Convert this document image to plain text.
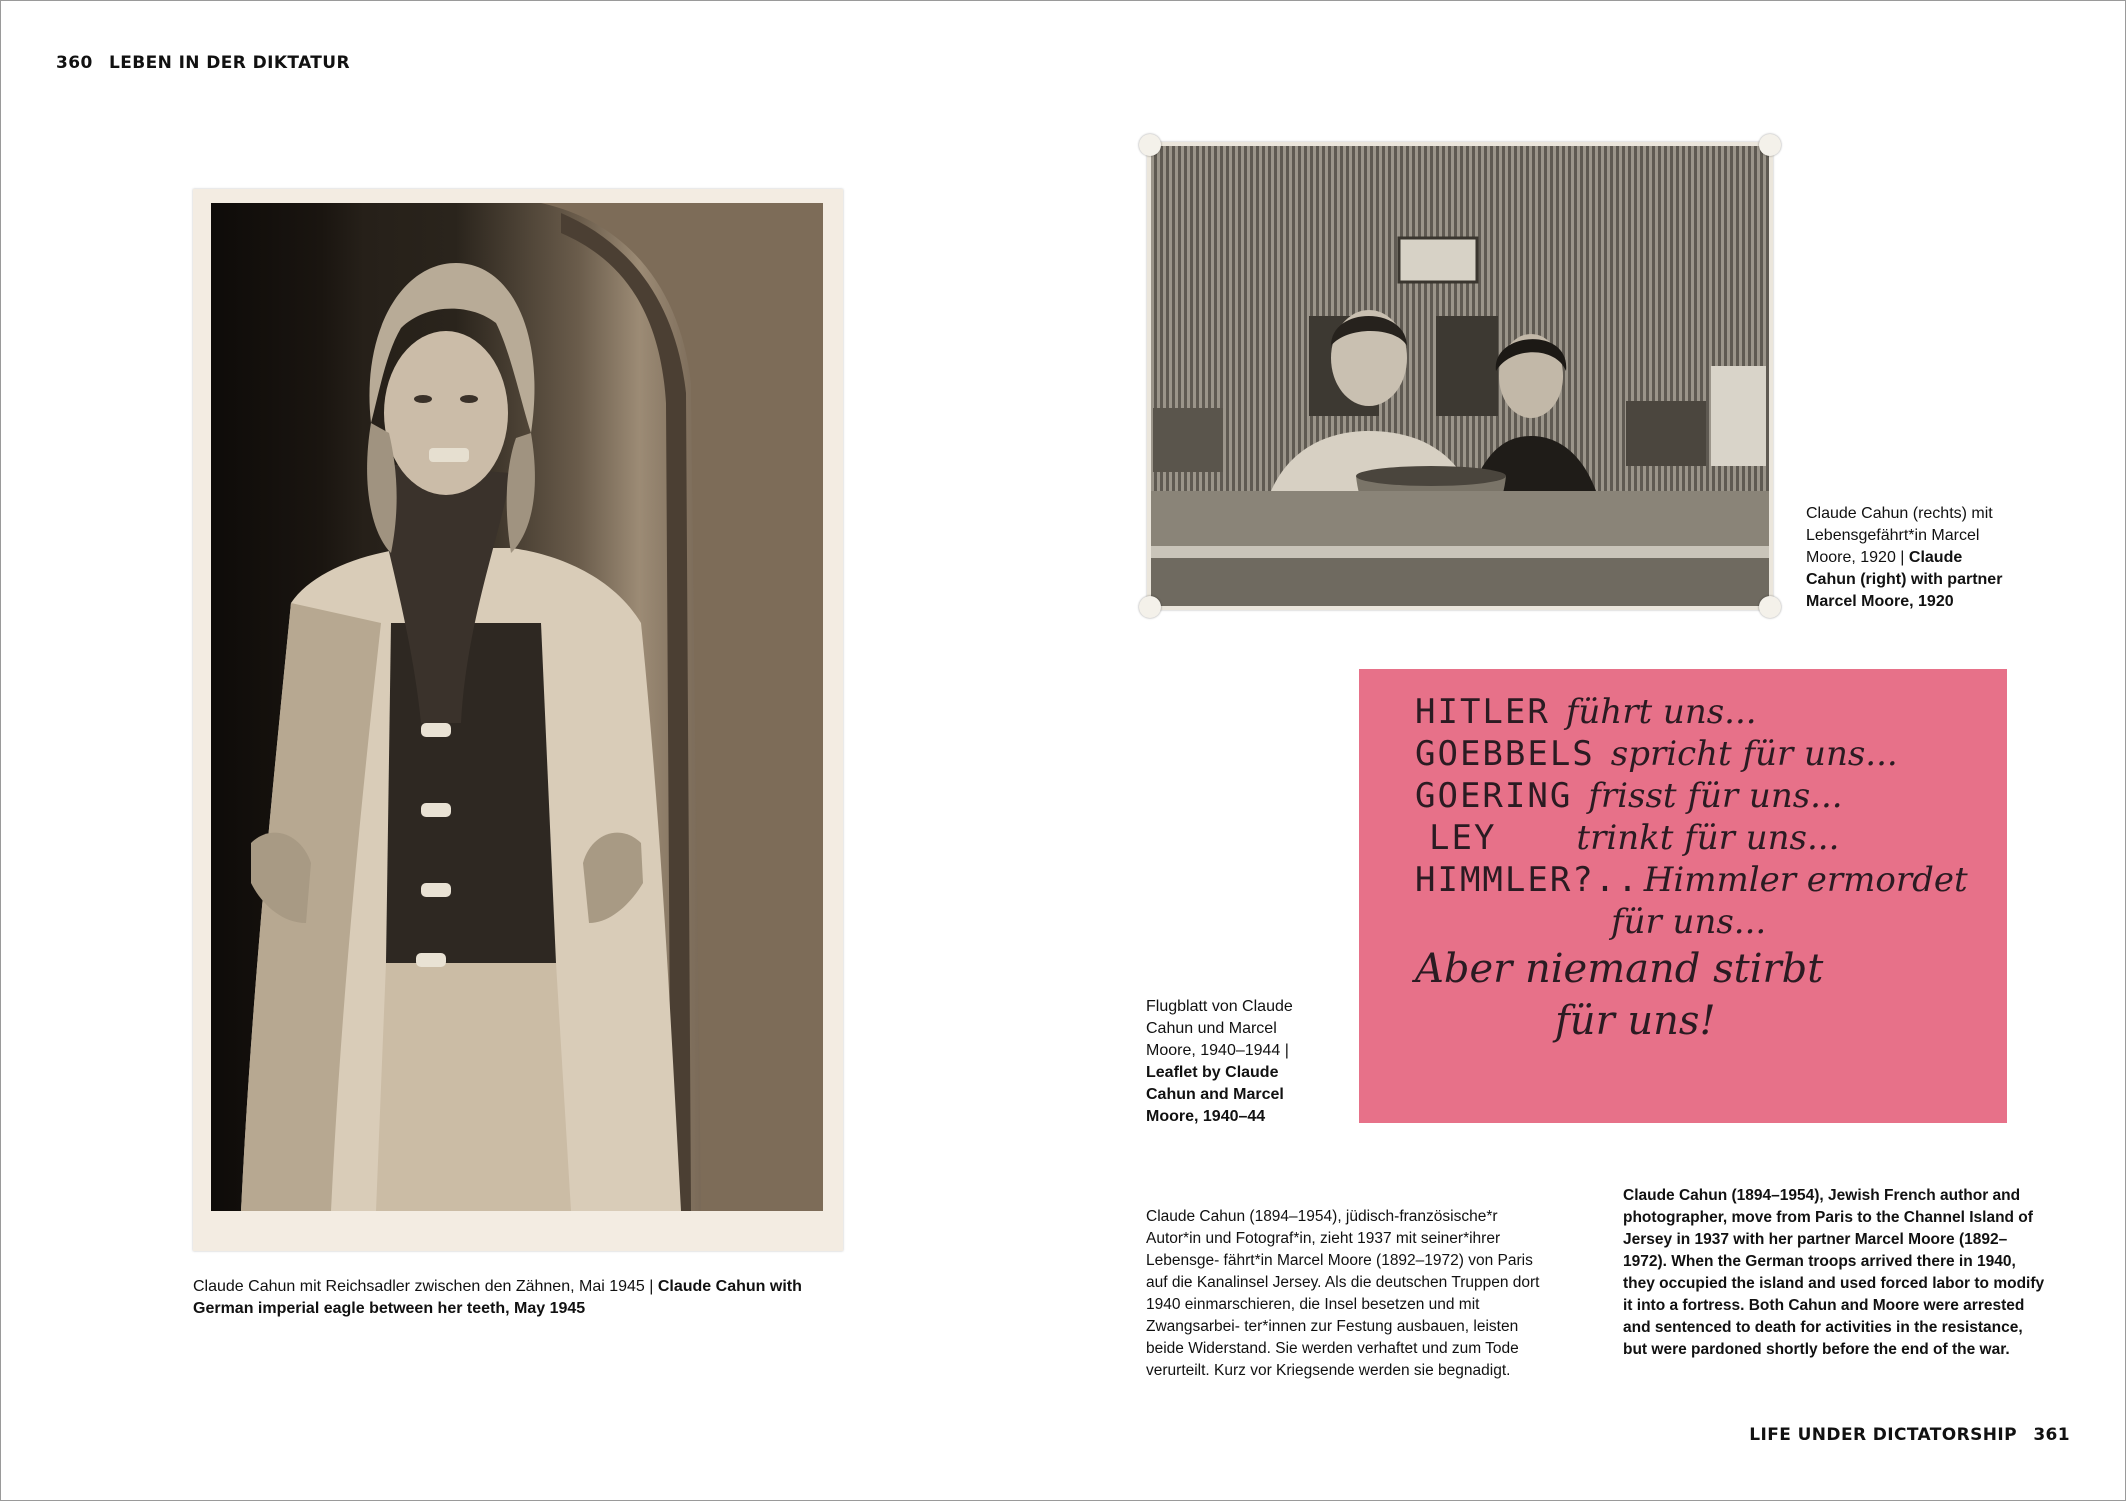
360 LEBEN IN DER DIKTATUR
Claude Cahun mit Reichsadler zwischen den Zähnen, Mai 1945 | Claude Cahun with German imperial eagle between her teeth, May 1945
Claude Cahun (rechts) mit Lebensgefährt*in Marcel Moore, 1920 | Claude Cahun (right) with partner Marcel Moore, 1920
HITLER führt uns...
GOEBBELS spricht für uns...
GOERING frisst für uns...
LEY trinkt für uns...
HIMMLER?.. Himmler ermordet
für uns...
Aber niemand stirbt
für uns!
Flugblatt von Claude Cahun und Marcel Moore, 1940–1944 | Leaflet by Claude Cahun and Marcel Moore, 1940–44
Claude Cahun (1894–1954), jüdisch-französische*r Autor*in und Fotograf*in, zieht 1937 mit seiner*ihrer Lebensge- fährt*in Marcel Moore (1892–1972) von Paris auf die Kanalinsel Jersey. Als die deutschen Truppen dort 1940 einmarschieren, die Insel besetzen und mit Zwangsarbei- ter*innen zur Festung ausbauen, leisten beide Widerstand. Sie werden verhaftet und zum Tode verurteilt. Kurz vor Kriegsende werden sie begnadigt.
Claude Cahun (1894–1954), Jewish French author and photographer, move from Paris to the Channel Island of Jersey in 1937 with her partner Marcel Moore (1892–1972). When the German troops arrived there in 1940, they occupied the island and used forced labor to modify it into a fortress. Both Cahun and Moore were arrested and sentenced to death for activities in the resistance, but were pardoned shortly before the end of the war.
LIFE UNDER DICTATORSHIP 361
